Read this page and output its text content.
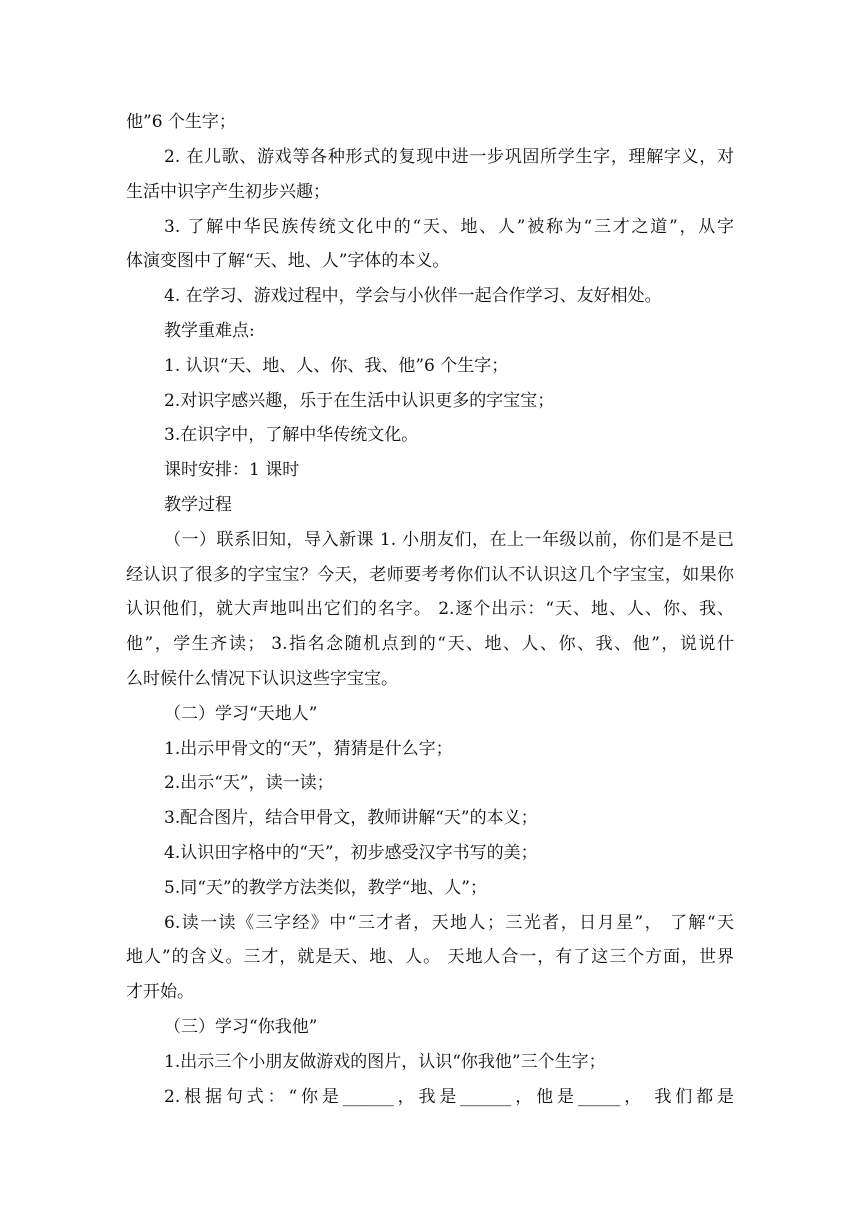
他”6 个生字；
2. 在儿歌、游戏等各种形式的复现中进一步巩固所学生字，理解字义，对
生活中识字产生初步兴趣；
3. 了解中华民族传统文化中的“天、地、人”被称为“三才之道”，从字
体演变图中了解“天、地、人”字体的本义。
4. 在学习、游戏过程中，学会与小伙伴一起合作学习、友好相处。
教学重难点:
1. 认识“天、地、人、你、我、他”6 个生字；
2.对识字感兴趣，乐于在生活中认识更多的字宝宝；
3.在识字中，了解中华传统文化。
课时安排：1 课时
教学过程
（一）联系旧知，导入新课 1. 小朋友们，在上一年级以前，你们是不是已
经认识了很多的字宝宝？今天，老师要考考你们认不认识这几个字宝宝，如果你
认识他们，就大声地叫出它们的名字。 2.逐个出示：“天、地、人、你、我、
他”，学生齐读； 3.指名念随机点到的“天、地、人、你、我、他”，说说什
么时候什么情况下认识这些字宝宝。
（二）学习“天地人”
1.出示甲骨文的“天”，猜猜是什么字；
2.出示“天”，读一读；
3.配合图片，结合甲骨文，教师讲解“天”的本义；
4.认识田字格中的“天”，初步感受汉字书写的美；
5.同“天”的教学方法类似，教学“地、人”；
6.读一读《三字经》中“三才者，天地人；三光者，日月星”， 了解“天
地人”的含义。三才，就是天、地、人。 天地人合一，有了这三个方面，世界
才开始。
（三）学习“你我他”
1.出示三个小朋友做游戏的图片，认识“你我他”三个生字；
2.根据句式：“你是______，我是______，他是_____， 我们都是
